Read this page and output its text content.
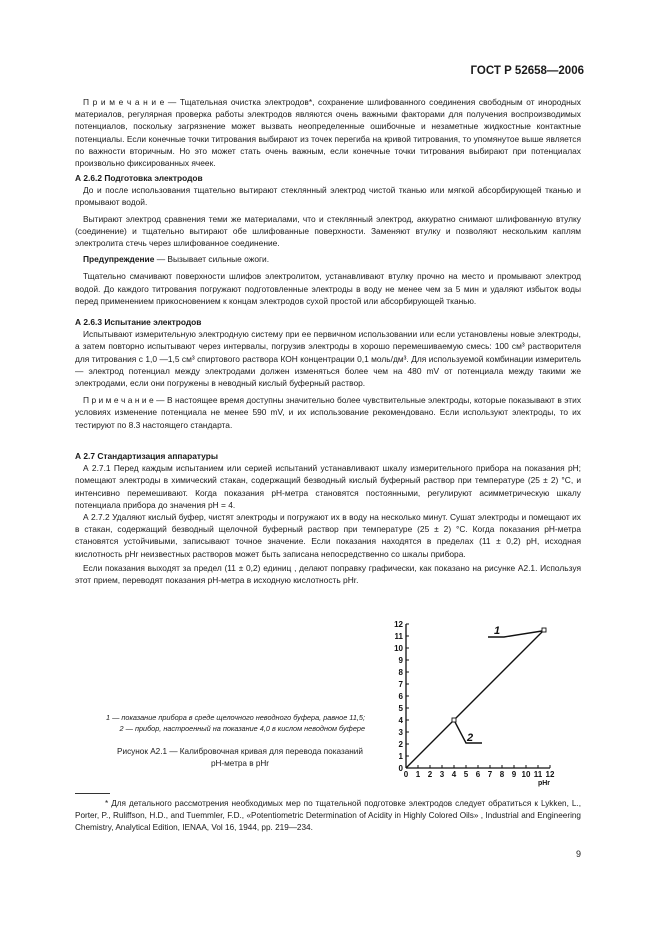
ГОСТ Р 52658—2006

П р и м е ч а н и е — Тщательная очистка электродов*, сохранение шлифованного соединения свободным от инородных материалов, регулярная проверка работы электродов являются очень важными факторами для получения воспроизводимых потенциалов, поскольку загрязнение может вызвать неопределенные ошибочные и незаметные жидкостные контактные потенциалы. Если конечные точки титрования выбирают из точек перегиба на кривой титрования, то упомянутое выше является по важности вторичным. Но это может стать очень важным, если конечные точки титрования выбирают при потенциалах произвольно фиксированных ячеек.

А 2.6.2 Подготовка электродов

До и после использования тщательно вытирают стеклянный электрод чистой тканью или мягкой абсорбирующей тканью и промывают водой.

Вытирают электрод сравнения теми же материалами, что и стеклянный электрод, аккуратно снимают шлифованную втулку (соединение) и тщательно вытирают обе шлифованные поверхности. Заменяют втулку и позволяют нескольким каплям электролита стечь через шлифованное соединение.

Предупреждение — Вызывает сильные ожоги.

Тщательно смачивают поверхности шлифов электролитом, устанавливают втулку прочно на место и промывают электрод водой. До каждого титрования погружают подготовленные электроды в воду не менее чем за 5 мин и удаляют избыток воды перед применением прикосновением к концам электродов сухой простой или абсорбирующей тканью.

А 2.6.3 Испытание электродов

Испытывают измерительную электродную систему при ее первичном использовании или если установлены новые электроды, а затем повторно испытывают через интервалы, погрузив электроды в хорошо перемешиваемую смесь: 100 см³ растворителя для титрования с 1,0 —1,5 см³ спиртового раствора КОН концентрации 0,1 моль/дм³. Для используемой комбинации измеритель — электрод потенциал между электродами должен изменяться более чем на 480 mV от потенциала между такими же электродами, если они погружены в неводный кислый буферный раствор.

П р и м е ч а н и е — В настоящее время доступны значительно более чувствительные электроды, которые показывают в этих условиях изменение потенциала не менее 590 mV, и их использование рекомендовано. Если используют электроды, то их тестируют по 8.3 настоящего стандарта.

А 2.7 Стандартизация аппаратуры

А 2.7.1 Перед каждым испытанием или серией испытаний устанавливают шкалу измерительного прибора на показания рН; помещают электроды в химический стакан, содержащий безводный кислый буферный раствор при температуре (25 ± 2) °С, и интенсивно перемешивают. Когда показания рН-метра становятся постоянными, регулируют асимметрическую шкалу потенциала прибора до значения рН = 4.

А 2.7.2 Удаляют кислый буфер, чистят электроды и погружают их в воду на несколько минут. Сушат электроды и помещают их в стакан, содержащий безводный щелочной буферный раствор при температуре (25 ± 2) °С. Когда показания рН-метра становятся устойчивыми, записывают точное значение. Если показания находятся в пределах (11 ± 0,2) рН, исходная кислотность рНr неизвестных растворов может быть записана непосредственно со шкалы прибора.

Если показания выходят за предел (11 ± 0,2) единиц , делают поправку графически, как показано на рисунке А2.1. Используя этот прием, переводят показания рН-метра в исходную кислотность рНr.

0 1 2 3 4 5 6 7 8 9 10 11 12
0
1
2
3
4
5
6
7
8
9
10
11
12
рНr
1
2
1 — показание прибора в среде щелочного неводного буфера, равное 11,5;
2 — прибор, настроенный на показание 4,0 в кислом неводном буфере
Рисунок А2.1 — Калибровочная кривая для перевода показаний рН-метра в рНr

* Для детального рассмотрения необходимых мер по тщательной подготовке электродов следует обратиться к Lykken, L., Porter, P., Ruliffson, H.D., and Tuemmler, F.D., «Potentiometric Determination of Acidity in Highly Colored Oils» , Industrial and Engineering Chemistry, Analytical Edition, IENAA, Vol 16, 1944, pp. 219—234.

9
